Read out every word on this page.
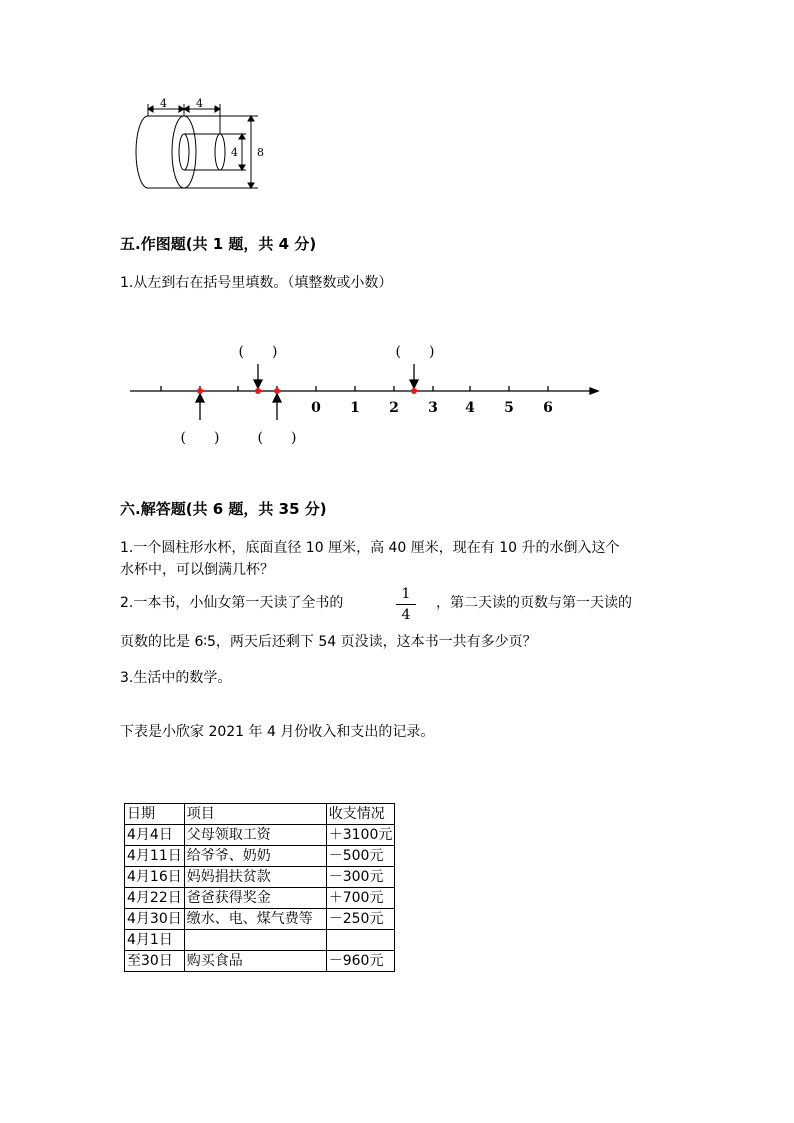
4	4
4 8
五.作图题(共 1 题，共 4 分)
1.从左到右在括号里填数。（填整数或小数）
0 1 2 3 4 5 6
(　　)	(　　)
(　　)	(　　)
六.解答题(共 6 题，共 35 分)
1.一个圆柱形水杯，底面直径 10 厘米，高 40 厘米，现在有 10 升的水倒入这个
水杯中，可以倒满几杯？
2.一本书，小仙女第一天读了全书的
1
4
，第二天读的页数与第一天读的
页数的比是 6∶5，两天后还剩下 54 页没读，这本书一共有多少页？
3.生活中的数学。
下表是小欣家 2021 年 4 月份收入和支出的记录。
日期	项目	收支情况
4月4日	父母领取工资	＋3100元
4月11日	给爷爷、奶奶	－500元
4月16日	妈妈捐扶贫款	－300元
4月22日	爸爸获得奖金	＋700元
4月30日	缴水、电、煤气费等	－250元
4月1日		
至30日	购买食品	－960元
